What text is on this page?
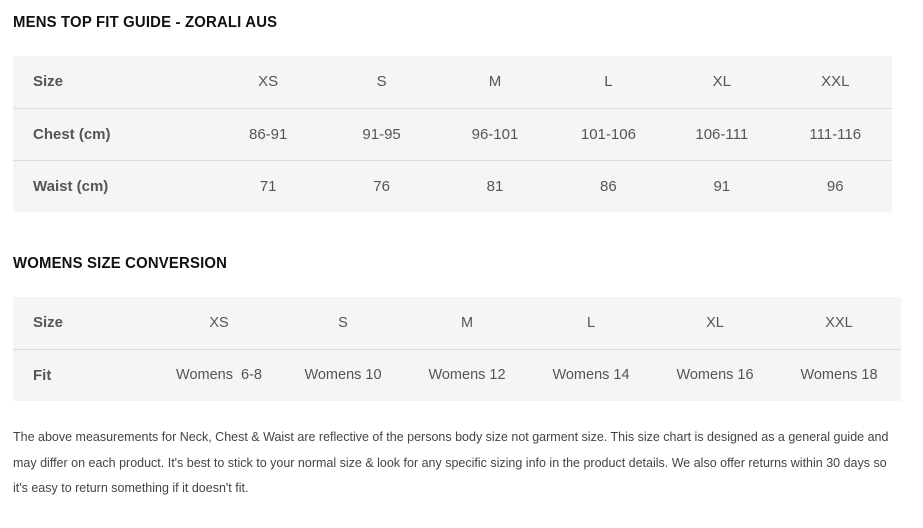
MENS TOP FIT GUIDE - ZORALI AUS
Size	XS	S	M	L	XL	XXL
Chest (cm)	86-91	91-95	96-101	101-106	106-111	111-116
Waist (cm)	71	76	81	86	91	96
WOMENS SIZE CONVERSION
Size	XS	S	M	L	XL	XXL
Fit	Womens  6-8	Womens 10	Womens 12	Womens 14	Womens 16	Womens 18

The above measurements for Neck, Chest & Waist are reflective of the persons body size not garment size. This size chart is designed as a general guide and may differ on each product. It's best to stick to your normal size & look for any specific sizing info in the product details. We also offer returns within 30 days so it's easy to return something if it doesn't fit.
